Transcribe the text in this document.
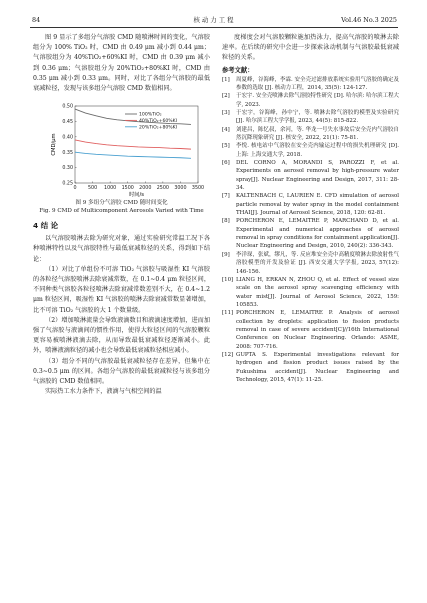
84	核 动 力 工 程	Vol.46 No.3 2025

图 9 显示了多组分气溶胶 CMD 随喷淋时间的变化，气溶胶组分为 100% TiO₂ 时，CMD 由 0.49 μm 减小到 0.44 μm；气溶胶组分为 40%TiO₂+60%KI 时，CMD 由 0.39 μm 减小到 0.36 μm；气溶胶组分为 20%TiO₂+80%KI 时，CMD 由 0.35 μm 减小到 0.33 μm。同时，对比了各组分气溶胶的最低衰减粒径，发现与该多组分气溶胶 CMD 数值相同。

0 500 1000 1500 2000 2500 3000 3500
0.25
0.30
0.35
0.40
0.45
0.50
100%TiO₂
40%TiO₂+60%KI
20%TiO₂+80%KI
CMD/μm
时间/s
图 9 多组分气溶胶 CMD 随时间变化
Fig. 9 CMD of Multicomponent Aerosols Varied with Time
4 结 论

以气溶胶喷淋去除为研究对象，通过实验研究常温工况下各种喷淋特性以及气溶胶特性与最低衰减粒径的关系，得到如下结论：

（1）对比了单组份不可溶 TiO₂ 气溶胶与吸湿性 KI 气溶胶的各粒径气溶胶喷淋去除衰减常数，在 0.1~0.4 μm 粒径区间，不同种类气溶胶各粒径喷淋去除衰减常数差别不大，在 0.4~1.2 μm 粒径区间，吸湿性 KI 气溶胶的喷淋去除衰减常数显著增加，比不可溶 TiO₂ 气溶胶的大 1 个数量级。

（2）增加喷淋流量会导致液滴数目和液滴速度增加，进而加强了气溶胶与液滴间的惯性作用，使得大粒径区间的气溶胶颗粒更容易被喷淋液滴去除，从而导致最低衰减粒径逐渐减小。此外，喷淋液滴粒径的减小也会导致最低衰减粒径相应减小。

（3）组分不同的气溶胶最低衰减粒径存在差异，但集中在 0.3~0.5 μm 的区间。各组分气溶胶的最低衰减粒径与该多组分气溶胶的 CMD 数值相同。

实际热工水力条件下，液滴与气相空间的温

度梯度会对气溶胶颗粒施加热泳力，提高气溶胶的喷淋去除速率。在后续的研究中会进一步探索泳动机制与气溶胶最低衰减粒径的关系。

参考文献：
[1]	周夏峰，谷海峰，李霖. 安全壳过滤排放系统实验用气溶胶的确定及参数的选取 [J]. 核动力工程，2014, 35(5): 124-127.
[2]	于宏宇. 安全壳喷淋去除气溶胶特性研究 [D]. 哈尔滨: 哈尔滨工程大学, 2023.
[3]	于宏宇，谷海峰，孙中宁，等. 喷淋去除气溶胶的模型及实验研究 [J]. 哈尔滨工程大学学报, 2023, 44(5): 815-822.
[4]	刘建昌，陈忆叔，余河，等. 华龙一号失水事故后安全壳内气溶胶自然沉降现象研究 [J]. 核安全, 2022, 21(1): 75-81.
[5]	李悦. 核电站中气溶胶在安全壳内输运过程中的损失机理研究 [D]. 上海: 上海交通大学, 2018.
[6]	DEL CORNO A, MORANDI S, PAROZZI F, et al. Experiments on aerosol removal by high-pressure water spray[J]. Nuclear Engineering and Design, 2017, 311: 28-34.
[7]	KALTENBACH C, LAURIEN E. CFD simulation of aerosol particle removal by water spray in the model containment THAI[J]. Journal of Aerosol Science, 2018, 120: 62-81.
[8]	PORCHERON E, LEMAITRE P, MARCHAND D, et al. Experimental and numerical approaches of aerosol removal in spray conditions for containment application[J]. Nuclear Engineering and Design, 2010, 240(2): 336-343.
[9]	李洋琛，张斌，缪凡，等. 反应堆安全壳中高精度喷淋去除放射性气溶胶模型的开发及验证 [J]. 西安交通大学学报, 2023, 57(12): 146-156.
[10] LIANG H, ERKAN N, ZHOU Q, et al. Effect of vessel size scale on the aerosol spray scavenging efficiency with water mist[J]. Journal of Aerosol Science, 2022, 159: 105853.
[11] PORCHERON E, LEMAITRE P. Analysis of aerosol collection by droplets: application to fission products removal in case of severe accident[C]//16th International Conference on Nuclear Engineering. Orlando: ASME, 2008: 707-716.
[12] GUPTA S. Experimental investigations relevant for hydrogen and fission product issues raised by the Fukushima accident[J]. Nuclear Engineering and Technology, 2015, 47(1): 11-25.
